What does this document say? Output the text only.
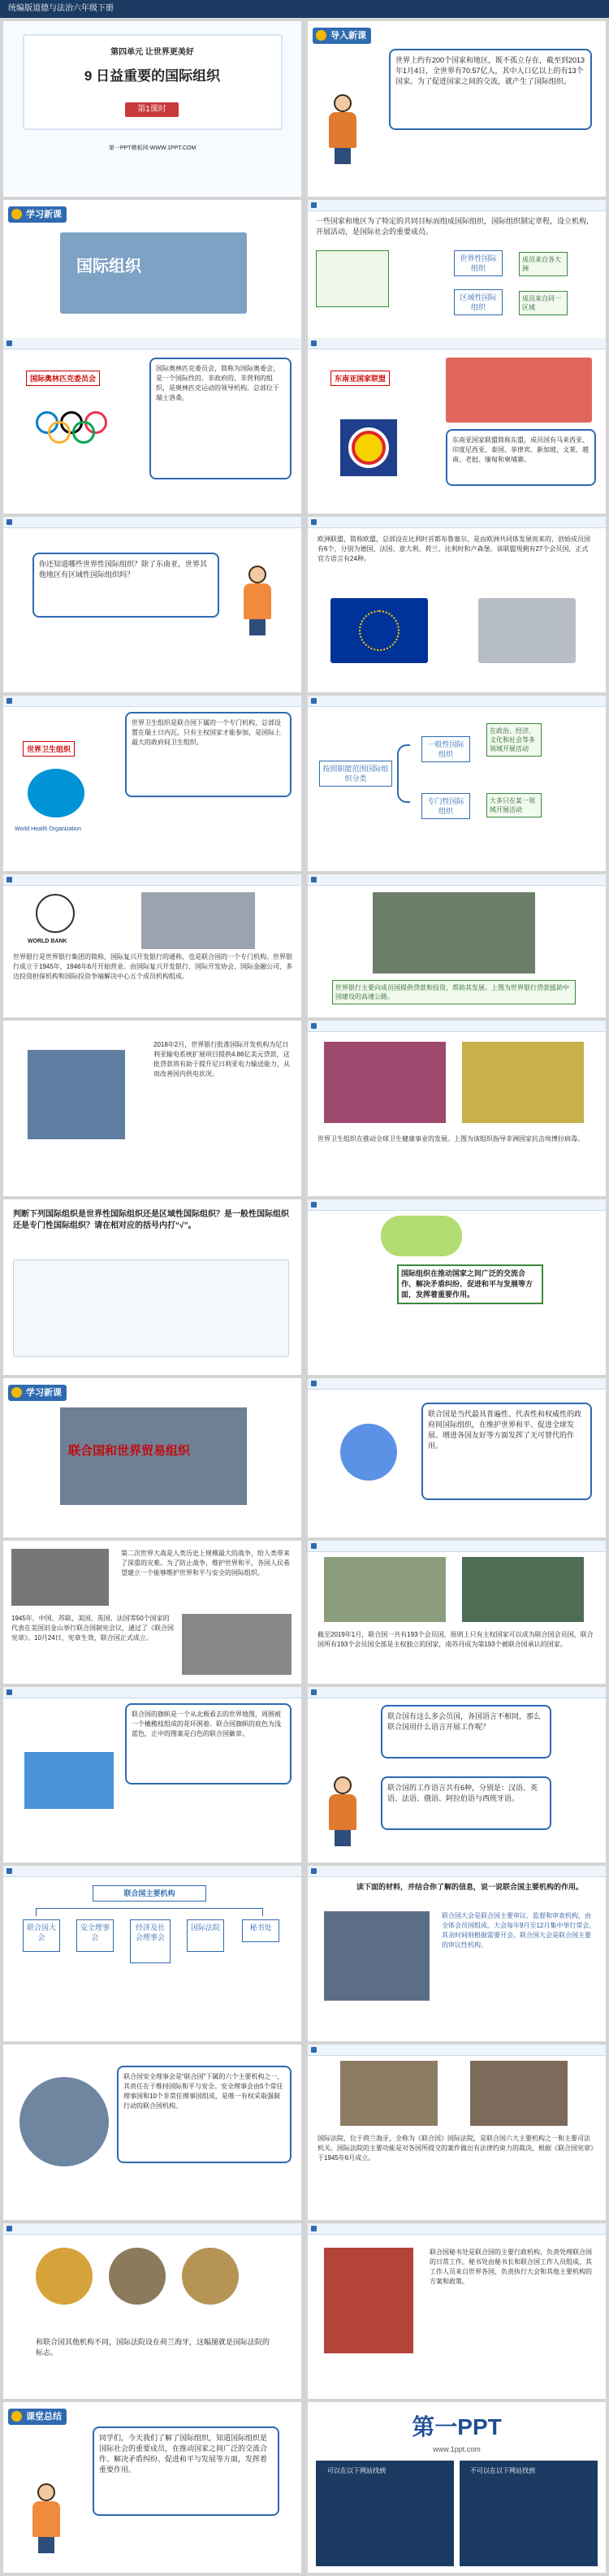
统编版道德与法治六年级下册
第四单元 让世界更美好
9 日益重要的国际组织
第1课时
第一PPT模板网-WWW.1PPT.COM
导入新课
世界上约有200个国家和地区，既不孤立存在，截至到2013年1月4日，全世界有70.57亿人，其中人口亿以上的有13个国家。为了促进国家之间的交流，就产生了国际组织。
学习新课
国际组织
一些国家和地区为了特定的共同目标而组成国际组织，国际组织制定章程，设立机构，开展活动，是国际社会的重要成员。
世界性国际组织
区域性国际组织
成员来自各大洲
成员来自同一区域
国际奥林匹克委员会
国际奥林匹克委员会，简称为国际奥委会，是一个国际性的、非政府的、非营利的组织，是奥林匹克运动的领导机构。总部位于瑞士洛桑。
东南亚国家联盟
东南亚国家联盟简称东盟，成员国有马来西亚、印度尼西亚、泰国、菲律宾、新加坡、文莱、越南、老挝、缅甸和柬埔寨。
你还知道哪些世界性国际组织？除了东南亚，世界其他地区有区域性国际组织吗？
欧洲联盟，简称欧盟，总部设在比利时首都布鲁塞尔，是由欧洲共同体发展而来的，创始成员国有6个，分别为德国、法国、意大利、荷兰、比利时和卢森堡。该联盟现拥有27个会员国，正式官方语言有24种。
世界卫生组织
World Health Organization
世界卫生组织是联合国下属的一个专门机构，总部设置在瑞士日内瓦，只有主权国家才能参加，是国际上最大的政府间卫生组织。
按照职能范围国际组织分类
一般性国际组织
专门性国际组织
在政治、经济、文化和社会等多领域开展活动
大多只在某一领域开展活动
WORLD BANK
世界银行是世界银行集团的简称，国际复兴开发银行的通称，也是联合国的一个专门机构。世界银行成立于1945年，1946年6月开始营业。由国际复兴开发银行、国际开发协会、国际金融公司、多边投资担保机构和国际投资争端解决中心五个成员机构组成。
世界银行主要向成员国提供贷款和投资，帮助其发展。上图为世界银行贷款援助中国建设的高速公路。
2018年2月，世界银行批准国际开发机构为尼日利亚输电系统扩展项目提供4.86亿美元贷款，这批贷款将有助于提升尼日利亚电力输送能力，从而改善国内供电状况。
世界卫生组织在推动全球卫生健康事业的发展。上图为该组织指导非洲国家抗击埃博拉病毒。
判断下列国际组织是世界性国际组织还是区域性国际组织？是一般性国际组织还是专门性国际组织？请在相对应的括号内打“√”。
国际组织在推动国家之间广泛的交流合作、解决矛盾纠纷、促进和平与发展等方面，发挥着重要作用。
学习新课
联合国和世界贸易组织
联合国是当代最具普遍性、代表性和权威性的政府间国际组织，在维护世界和平、促进全球发展、增进各国友好等方面发挥了无可替代的作用。
第二次世界大战是人类历史上规模最大的战争，给人类带来了深重的灾难。为了防止战争，维护世界和平，各国人民希望建立一个能够维护世界和平与安全的国际组织。
1945年，中国、苏联、美国、英国、法国等50个国家的代表在美国旧金山举行联合国制宪会议，通过了《联合国宪章》。10月24日，宪章生效，联合国正式成立。	截至2019年1月，联合国一共有193个会员国，原则上只有主权国家可以成为联合国会员国，联合国所有193个会员国全部是主权独立的国家，南苏丹成为第193个被联合国承认的国家。
联合国的旗帜是一个从北极看去的世界地图，周围被一个橄榄枝组成的花环围着。联合国旗帜的底色为浅蓝色，正中的图案是白色的联合国徽章。
联合国有这么多会员国，各国语言不相同，那么联合国用什么语言开展工作呢？
联合国的工作语言共有6种，分别是：汉语、英语、法语、俄语、阿拉伯语与西班牙语。
联合国主要机构
联合国大会
安全理事会
经济及社会理事会
国际法院	秘书处
读下面的材料，并结合你了解的信息，说一说联合国主要机构的作用。
联合国大会是联合国主要审议、监督和审查机构，由全体会员国组成。大会每年9月至12月集中举行常会，其余时间则根据需要开会。联合国大会是联合国主要的审议性机构。
联合国安全理事会是“联合国”下属的六个主要机构之一，其责任在于维持国际和平与安全。安全理事会由5个常任理事国和10个非常任理事国组成，是唯一有权采取强制行动的联合国机构。
国际法院，位于荷兰海牙，全称为《联合国》国际法院，是联合国六大主要机构之一和主要司法机关。国际法院的主要功能是对各国所提交的案件做出有法律约束力的裁决，根据《联合国宪章》于1945年6月成立。
和联合国其他机构不同，国际法院设在荷兰海牙，这幅图就是国际法院的标志。
联合国秘书处是联合国的主要行政机构，负责处理联合国的日常工作。秘书处由秘书长和联合国工作人员组成，其工作人员来自世界各国，负责执行大会和其他主要机构的方案和政策。
课堂总结
同学们，今天我们了解了国际组织，知道国际组织是国际社会的重要成员，在推动国家之间广泛的交流合作、解决矛盾纠纷、促进和平与发展等方面，发挥着重要作用。
第一PPT
www.1ppt.com
可以在以下网站找到	不可以在以下网站找到
